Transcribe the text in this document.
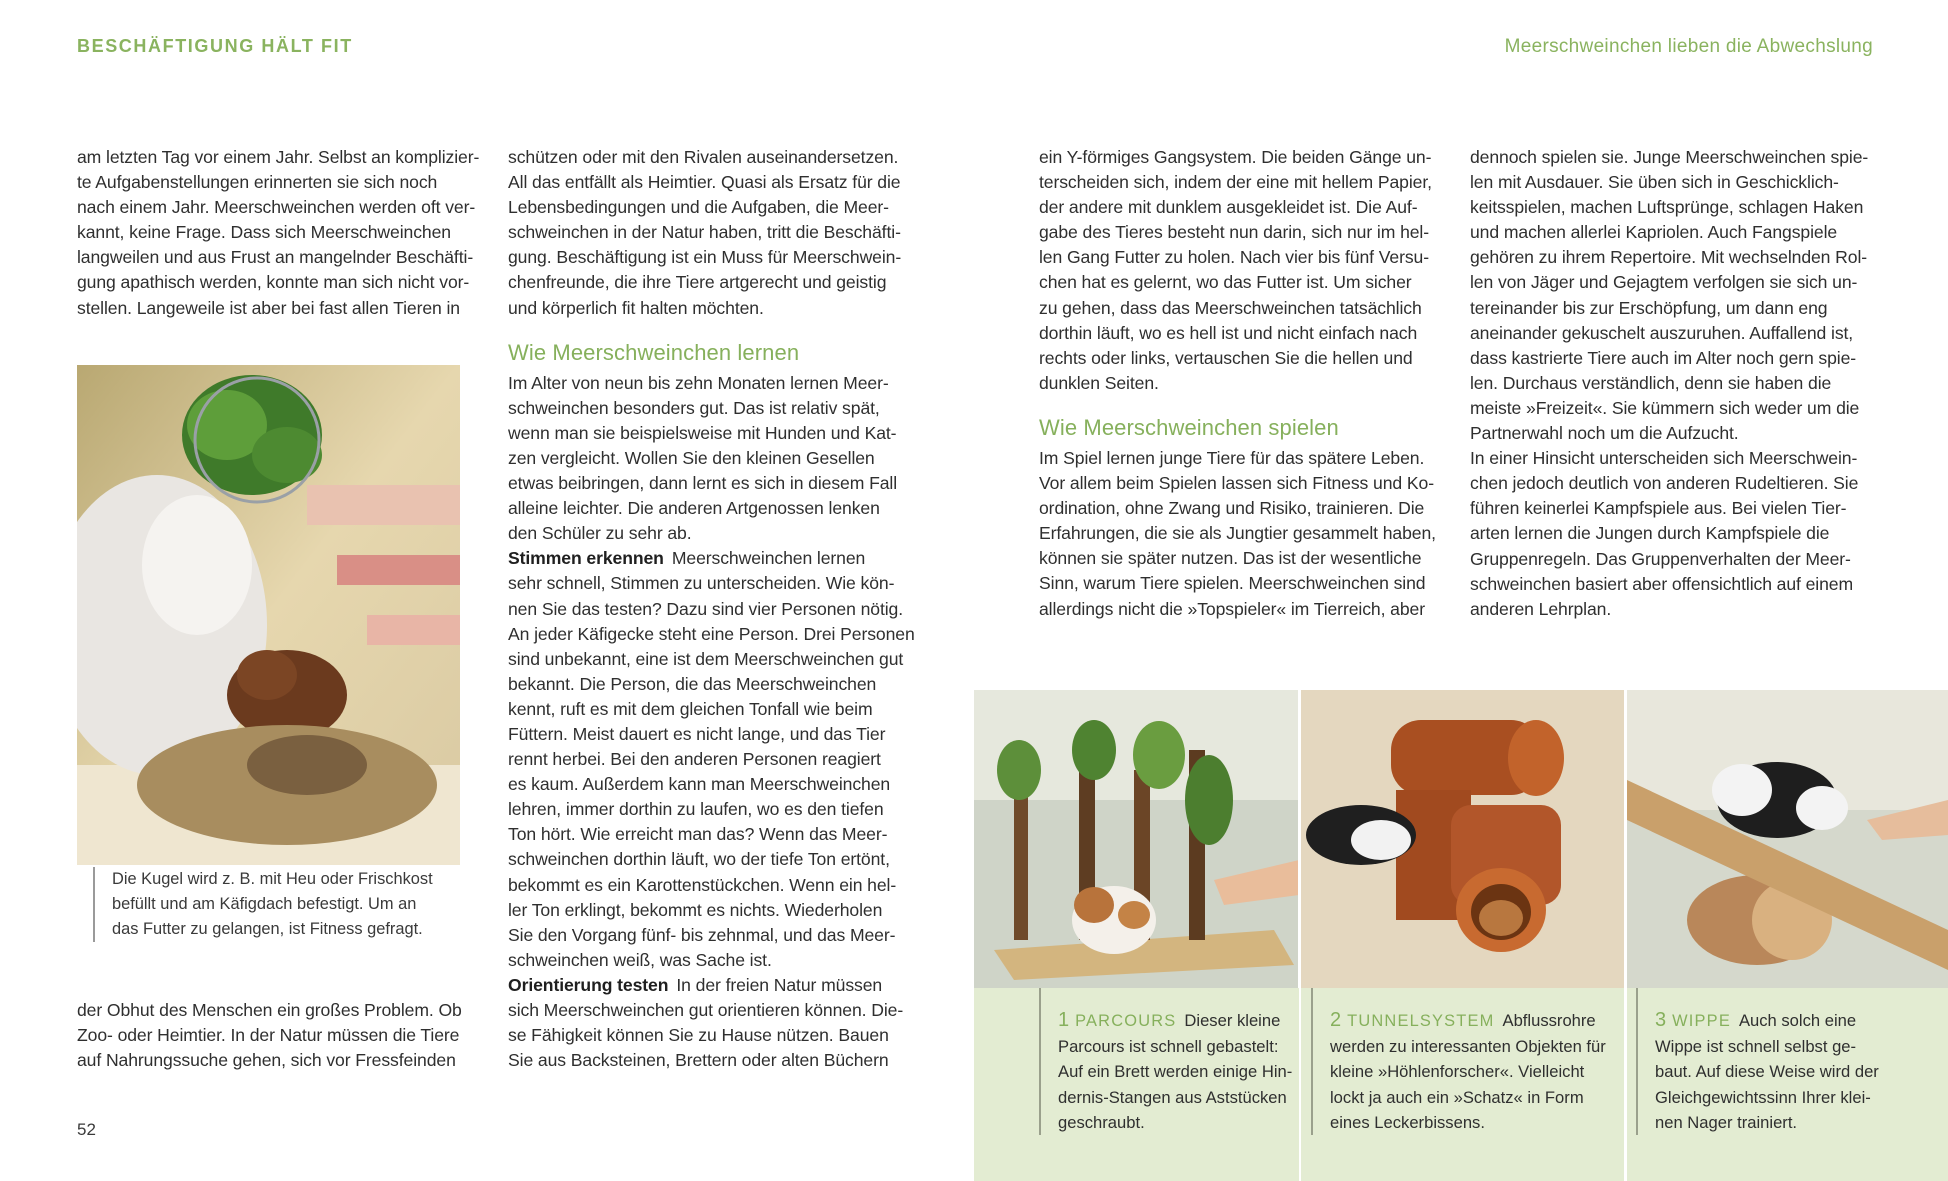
BESCHÄFTIGUNG HÄLT FIT	Meerschweinchen lieben die Abwechslung

am letzten Tag vor einem Jahr. Selbst an komplizier-

te Aufgabenstellungen erinnerten sie sich noch

nach einem Jahr. Meerschweinchen werden oft ver-

kannt, keine Frage. Dass sich Meerschweinchen

langweilen und aus Frust an mangelnder Beschäfti-

gung apathisch werden, konnte man sich nicht vor-

stellen. Langeweile ist aber bei fast allen Tieren in

Die Kugel wird z. B. mit Heu oder Frischkost

befüllt und am Käfigdach befestigt. Um an

das Futter zu gelangen, ist Fitness gefragt.

der Obhut des Menschen ein großes Problem. Ob

Zoo- oder Heimtier. In der Natur müssen die Tiere

auf Nahrungssuche gehen, sich vor Fressfeinden

52

schützen oder mit den Rivalen auseinandersetzen.

All das entfällt als Heimtier. Quasi als Ersatz für die

Lebensbedingungen und die Aufgaben, die Meer-

schweinchen in der Natur haben, tritt die Beschäfti-

gung. Beschäftigung ist ein Muss für Meerschwein-

chenfreunde, die ihre Tiere artgerecht und geistig

und körperlich fit halten möchten.

Wie Meerschweinchen lernen

Im Alter von neun bis zehn Monaten lernen Meer-

schweinchen besonders gut. Das ist relativ spät,

wenn man sie beispielsweise mit Hunden und Kat-

zen vergleicht. Wollen Sie den kleinen Gesellen

etwas beibringen, dann lernt es sich in diesem Fall

alleine leichter. Die anderen Artgenossen lenken

den Schüler zu sehr ab.

Stimmen erkennen Meerschweinchen lernen

sehr schnell, Stimmen zu unterscheiden. Wie kön-

nen Sie das testen? Dazu sind vier Personen nötig.

An jeder Käfigecke steht eine Person. Drei Personen

sind unbekannt, eine ist dem Meerschweinchen gut

bekannt. Die Person, die das Meerschweinchen

kennt, ruft es mit dem gleichen Tonfall wie beim

Füttern. Meist dauert es nicht lange, und das Tier

rennt herbei. Bei den anderen Personen reagiert

es kaum. Außerdem kann man Meerschweinchen

lehren, immer dorthin zu laufen, wo es den tiefen

Ton hört. Wie erreicht man das? Wenn das Meer-

schweinchen dorthin läuft, wo der tiefe Ton ertönt,

bekommt es ein Karottenstückchen. Wenn ein hel-

ler Ton erklingt, bekommt es nichts. Wiederholen

Sie den Vorgang fünf- bis zehnmal, und das Meer-

schweinchen weiß, was Sache ist.

Orientierung testen In der freien Natur müssen

sich Meerschweinchen gut orientieren können. Die-

se Fähigkeit können Sie zu Hause nützen. Bauen

Sie aus Backsteinen, Brettern oder alten Büchern

ein Y-förmiges Gangsystem. Die beiden Gänge un-

terscheiden sich, indem der eine mit hellem Papier,

der andere mit dunklem ausgekleidet ist. Die Auf-

gabe des Tieres besteht nun darin, sich nur im hel-

len Gang Futter zu holen. Nach vier bis fünf Versu-

chen hat es gelernt, wo das Futter ist. Um sicher

zu gehen, dass das Meerschweinchen tatsächlich

dorthin läuft, wo es hell ist und nicht einfach nach

rechts oder links, vertauschen Sie die hellen und

dunklen Seiten.

Wie Meerschweinchen spielen

Im Spiel lernen junge Tiere für das spätere Leben.

Vor allem beim Spielen lassen sich Fitness und Ko-

ordination, ohne Zwang und Risiko, trainieren. Die

Erfahrungen, die sie als Jungtier gesammelt haben,

können sie später nutzen. Das ist der wesentliche

Sinn, warum Tiere spielen. Meerschweinchen sind

allerdings nicht die »Topspieler« im Tierreich, aber

dennoch spielen sie. Junge Meerschweinchen spie-

len mit Ausdauer. Sie üben sich in Geschicklich-

keitsspielen, machen Luftsprünge, schlagen Haken

und machen allerlei Kapriolen. Auch Fangspiele

gehören zu ihrem Repertoire. Mit wechselnden Rol-

len von Jäger und Gejagtem verfolgen sie sich un-

tereinander bis zur Erschöpfung, um dann eng

aneinander gekuschelt auszuruhen. Auffallend ist,

dass kastrierte Tiere auch im Alter noch gern spie-

len. Durchaus verständlich, denn sie haben die

meiste »Freizeit«. Sie kümmern sich weder um die

Partnerwahl noch um die Aufzucht.

In einer Hinsicht unterscheiden sich Meerschwein-

chen jedoch deutlich von anderen Rudeltieren. Sie

führen keinerlei Kampfspiele aus. Bei vielen Tier-

arten lernen die Jungen durch Kampfspiele die

Gruppenregeln. Das Gruppenverhalten der Meer-

schweinchen basiert aber offensichtlich auf einem

anderen Lehrplan.

1 PARCOURS Dieser kleine

Parcours ist schnell gebastelt:

Auf ein Brett werden einige Hin-

dernis-Stangen aus Aststücken

geschraubt.

2 TUNNELSYSTEM Abflussrohre

werden zu interessanten Objekten für

kleine »Höhlenforscher«. Vielleicht

lockt ja auch ein »Schatz« in Form

eines Leckerbissens.

3 WIPPE Auch solch eine

Wippe ist schnell selbst ge-

baut. Auf diese Weise wird der

Gleichgewichtssinn Ihrer klei-

nen Nager trainiert.
